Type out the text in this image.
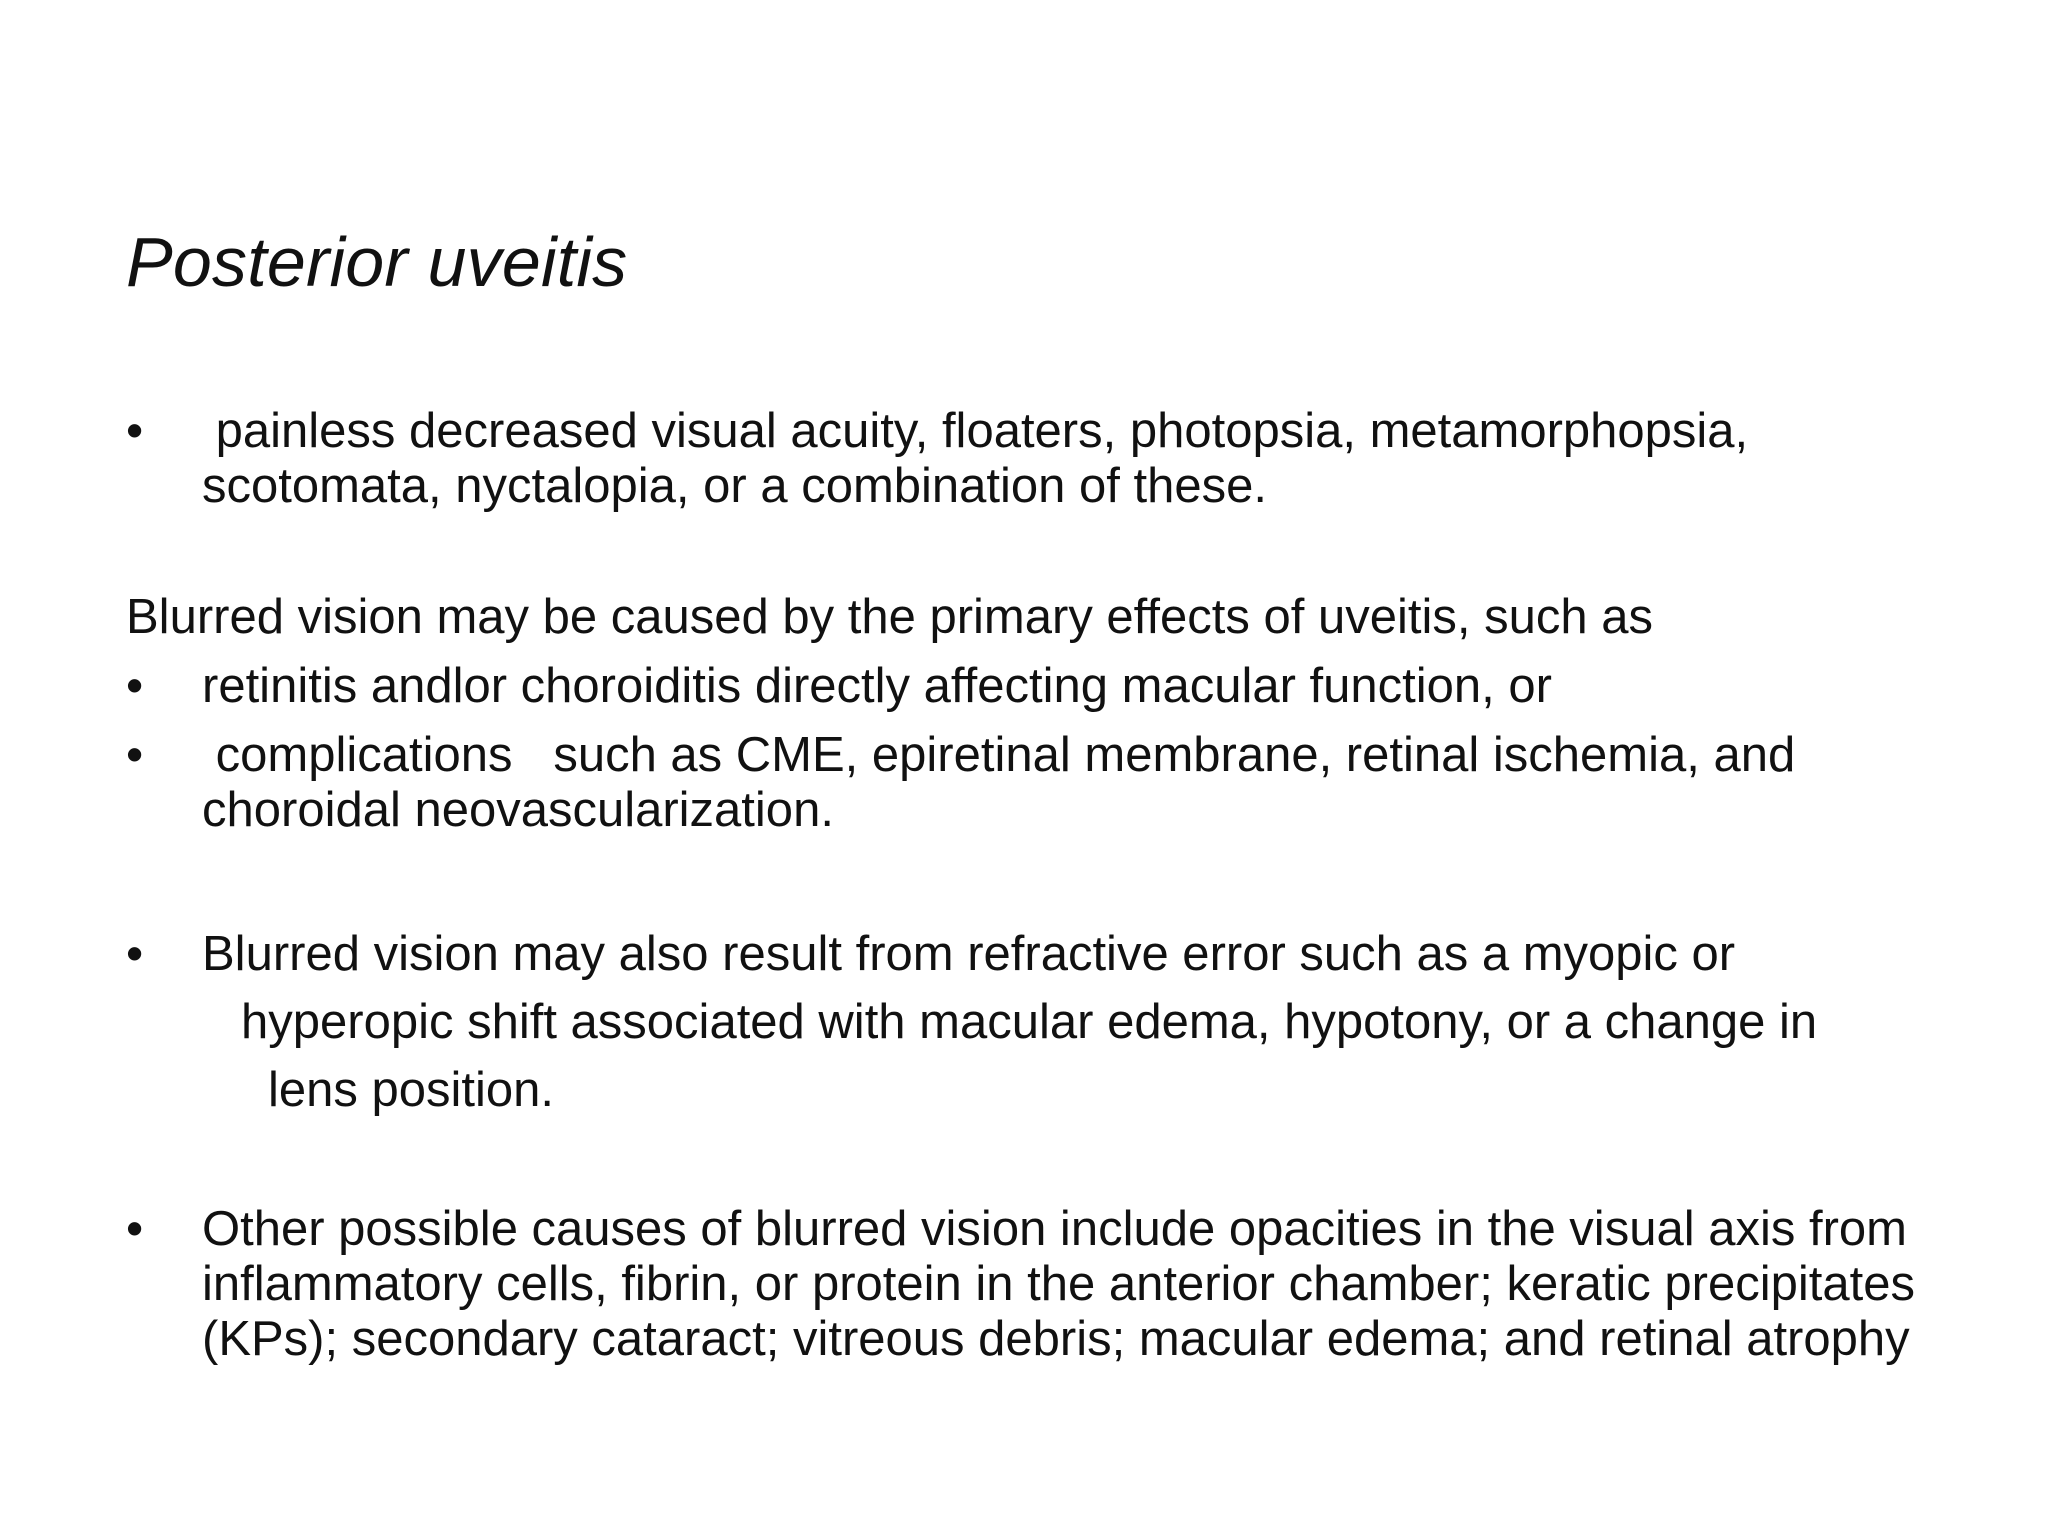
Posterior uveitis
• painless decreased visual acuity, floaters, photopsia, metamorphopsia, scotomata, nyctalopia, or a combination of these.
Blurred vision may be caused by the primary effects of uveitis, such as
• retinitis andlor choroiditis directly affecting macular function, or
• complications   such as CME, epiretinal membrane, retinal ischemia, and choroidal neovascularization.
• Blurred vision may also result from refractive error such as a myopic or
hyperopic shift associated with macular edema, hypotony, or a change in
lens position.
• Other possible causes of blurred vision include opacities in the visual axis from inflammatory cells, fibrin, or protein in the anterior chamber; keratic precipitates (KPs); secondary cataract; vitreous debris; macular edema; and retinal atrophy
